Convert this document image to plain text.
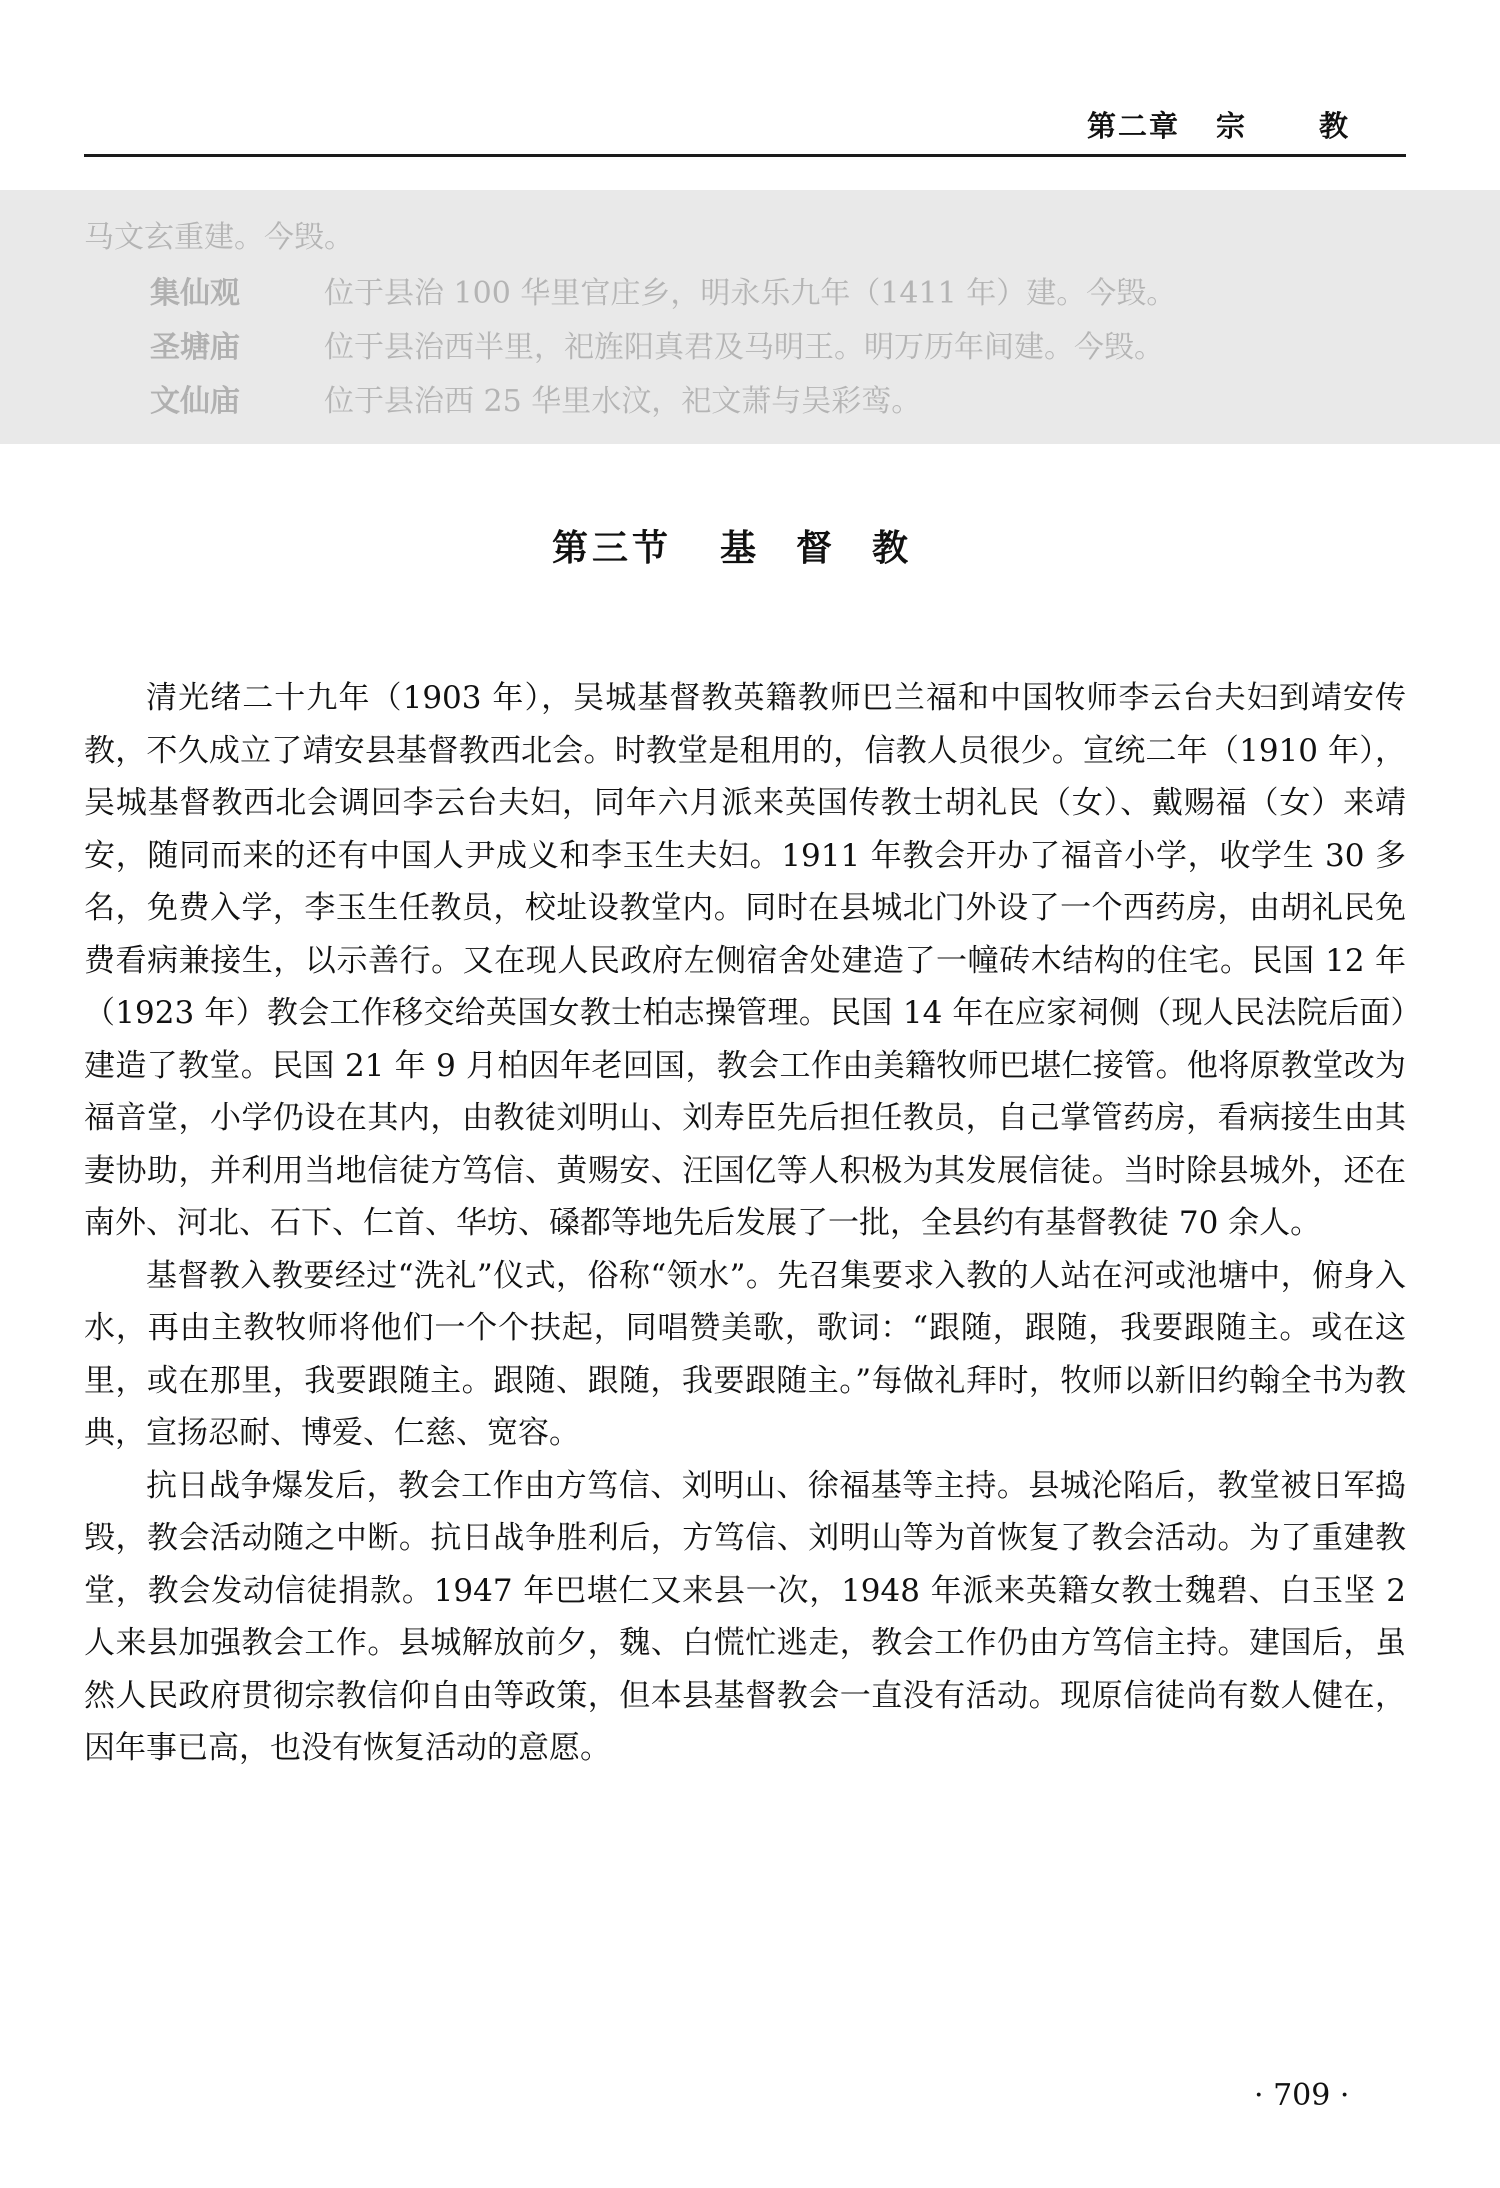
第二章 宗 教
马文玄重建。今毁。
集仙观	位于县治 100 华里官庄乡，明永乐九年（1411 年）建。今毁。
圣塘庙	位于县治西半里，祀旌阳真君及马明王。明万历年间建。今毁。
文仙庙	位于县治西 25 华里水汶，祀文萧与吴彩鸾。
第三节 基督教

清光绪二十九年（1903 年），吴城基督教英籍教师巴兰福和中国牧师李云台夫妇到靖安传教，不久成立了靖安县基督教西北会。时教堂是租用的，信教人员很少。宣统二年（1910 年），吴城基督教西北会调回李云台夫妇，同年六月派来英国传教士胡礼民（女）、戴赐福（女）来靖安，随同而来的还有中国人尹成义和李玉生夫妇。1911 年教会开办了福音小学，收学生 30 多名，免费入学，李玉生任教员，校址设教堂内。同时在县城北门外设了一个西药房，由胡礼民免费看病兼接生，以示善行。又在现人民政府左侧宿舍处建造了一幢砖木结构的住宅。民国 12 年（1923 年）教会工作移交给英国女教士柏志操管理。民国 14 年在应家祠侧（现人民法院后面）建造了教堂。民国 21 年 9 月柏因年老回国，教会工作由美籍牧师巴堪仁接管。他将原教堂改为福音堂，小学仍设在其内，由教徒刘明山、刘寿臣先后担任教员，自己掌管药房，看病接生由其妻协助，并利用当地信徒方笃信、黄赐安、汪国亿等人积极为其发展信徒。当时除县城外，还在南外、河北、石下、仁首、华坊、磉都等地先后发展了一批，全县约有基督教徒 70 余人。

基督教入教要经过“洗礼”仪式，俗称“领水”。先召集要求入教的人站在河或池塘中，俯身入水，再由主教牧师将他们一个个扶起，同唱赞美歌，歌词：“跟随，跟随，我要跟随主。或在这里，或在那里，我要跟随主。跟随、跟随，我要跟随主。”每做礼拜时，牧师以新旧约翰全书为教典，宣扬忍耐、博爱、仁慈、宽容。

抗日战争爆发后，教会工作由方笃信、刘明山、徐福基等主持。县城沦陷后，教堂被日军捣毁，教会活动随之中断。抗日战争胜利后，方笃信、刘明山等为首恢复了教会活动。为了重建教堂，教会发动信徒捐款。1947 年巴堪仁又来县一次，1948 年派来英籍女教士魏碧、白玉坚 2 人来县加强教会工作。县城解放前夕，魏、白慌忙逃走，教会工作仍由方笃信主持。建国后，虽然人民政府贯彻宗教信仰自由等政策，但本县基督教会一直没有活动。现原信徒尚有数人健在，因年事已高，也没有恢复活动的意愿。

· 709 ·
